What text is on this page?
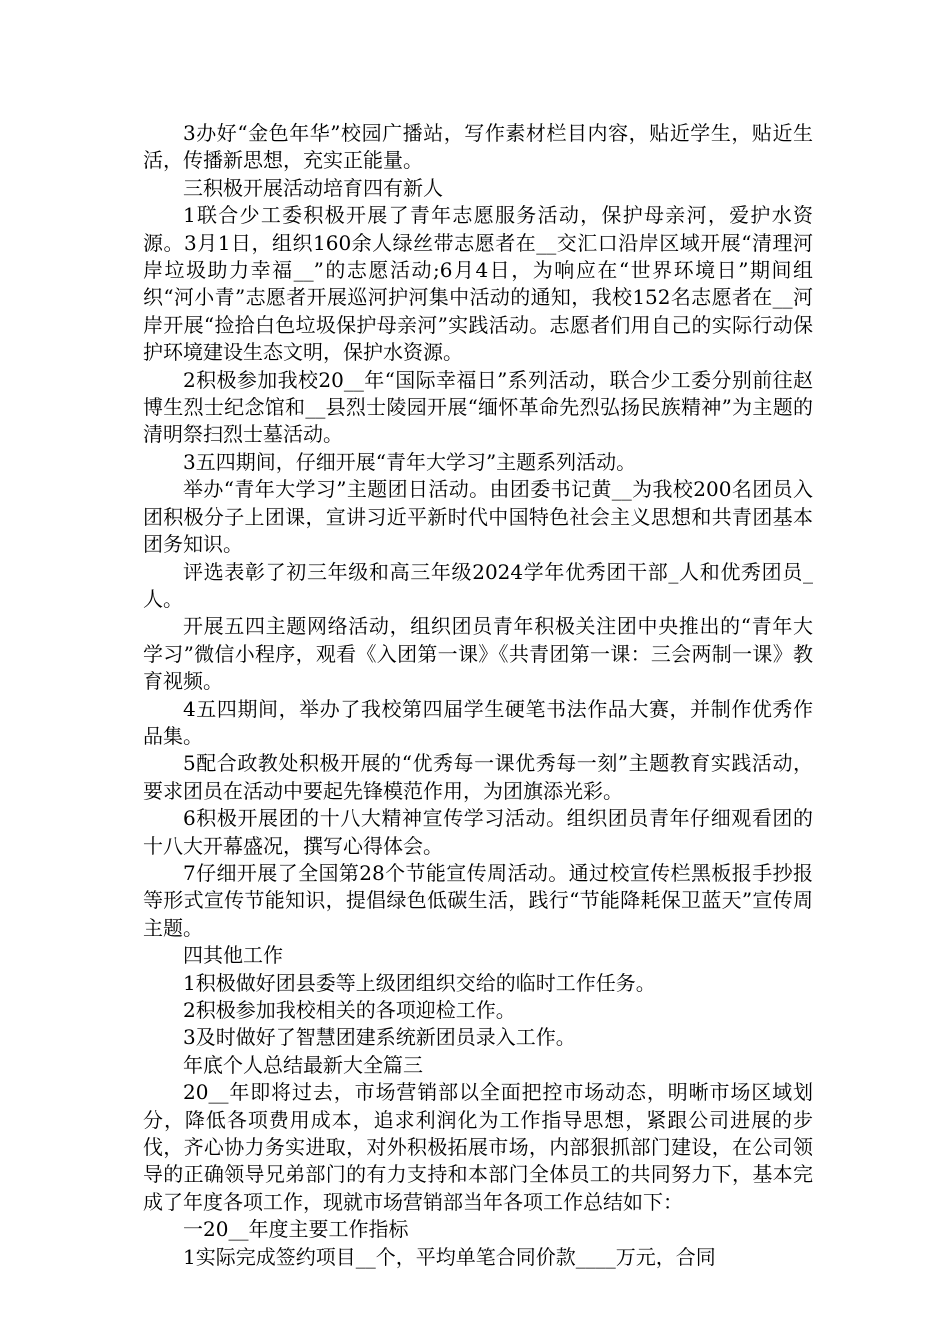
3办好“金色年华”校园广播站，写作素材栏目内容，贴近学生，贴近生活，传播新思想，充实正能量。

三积极开展活动培育四有新人

1联合少工委积极开展了青年志愿服务活动，保护母亲河，爱护水资源。3月1日，组织160余人绿丝带志愿者在__交汇口沿岸区域开展“清理河岸垃圾助力幸福__”的志愿活动;6月4日，为响应在“世界环境日”期间组织“河小青”志愿者开展巡河护河集中活动的通知，我校152名志愿者在__河岸开展“捡拾白色垃圾保护母亲河”实践活动。志愿者们用自己的实际行动保护环境建设生态文明，保护水资源。

2积极参加我校20__年“国际幸福日”系列活动，联合少工委分别前往赵博生烈士纪念馆和__县烈士陵园开展“缅怀革命先烈弘扬民族精神”为主题的清明祭扫烈士墓活动。

3五四期间，仔细开展“青年大学习”主题系列活动。

举办“青年大学习”主题团日活动。由团委书记黄__为我校200名团员入团积极分子上团课，宣讲习近平新时代中国特色社会主义思想和共青团基本团务知识。

评选表彰了初三年级和高三年级2024学年优秀团干部_人和优秀团员_人。

开展五四主题网络活动，组织团员青年积极关注团中央推出的“青年大学习”微信小程序，观看《入团第一课》《共青团第一课：三会两制一课》教育视频。

4五四期间，举办了我校第四届学生硬笔书法作品大赛，并制作优秀作品集。

5配合政教处积极开展的“优秀每一课优秀每一刻”主题教育实践活动，要求团员在活动中要起先锋模范作用，为团旗添光彩。

6积极开展团的十八大精神宣传学习活动。组织团员青年仔细观看团的十八大开幕盛况，撰写心得体会。

7仔细开展了全国第28个节能宣传周活动。通过校宣传栏黑板报手抄报等形式宣传节能知识，提倡绿色低碳生活，践行“节能降耗保卫蓝天”宣传周主题。

四其他工作

1积极做好团县委等上级团组织交给的临时工作任务。

2积极参加我校相关的各项迎检工作。

3及时做好了智慧团建系统新团员录入工作。

年底个人总结最新大全篇三

20__年即将过去，市场营销部以全面把控市场动态，明晰市场区域划分，降低各项费用成本，追求利润化为工作指导思想，紧跟公司进展的步伐，齐心协力务实进取，对外积极拓展市场，内部狠抓部门建设，在公司领导的正确领导兄弟部门的有力支持和本部门全体员工的共同努力下，基本完成了年度各项工作，现就市场营销部当年各项工作总结如下：

一20__年度主要工作指标

1实际完成签约项目__个，平均单笔合同价款____万元，合同
